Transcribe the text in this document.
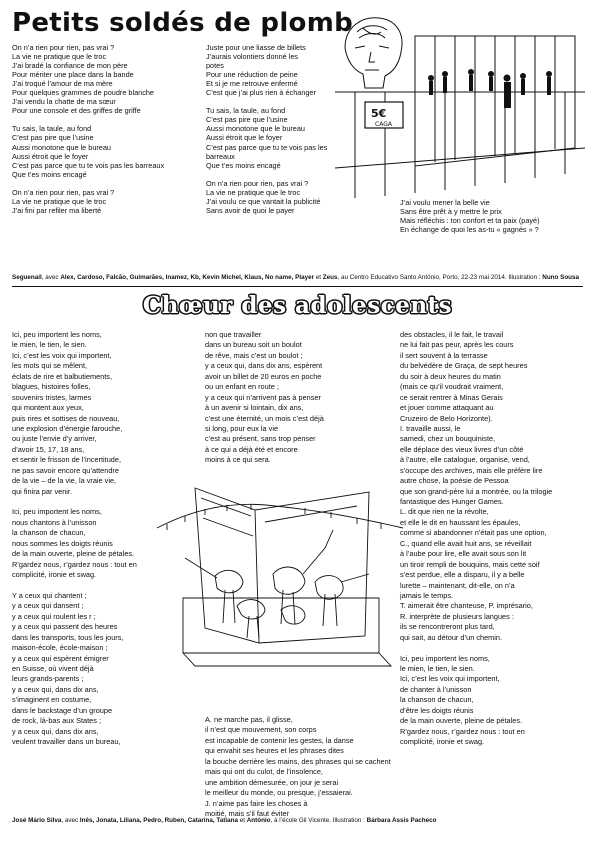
Petits soldés de plomb
On n’a rien pour rien, pas vrai ?
La vie ne pratique que le troc
J’ai bradé la confiance de mon père
Pour mériter une place dans la bande
J’ai troqué l’amour de ma mère
Pour quelques grammes de poudre blanche
J’ai vendu la chatte de ma sœur
Pour une console et des griffes de griffe
Tu sais, la taule, au fond
C’est pas pire que l’usine
Aussi monotone que le bureau
Aussi étroit que le foyer
C’est pas parce que tu te vois pas les barreaux
Que t’es moins encagé
On n’a rien pour rien, pas vrai ?
La vie ne pratique que le troc
J’ai fini par refiler ma liberté
Juste pour une liasse de billets
J’aurais volontiers donné les
potes
Pour une réduction de peine
Et si je me retrouve enfermé
C’est que j’ai plus rien à échanger
Tu sais, la taule, au fond
C’est pas pire que l’usine
Aussi monotone que le bureau
Aussi étroit que le foyer
C’est pas parce que tu te vois pas les
barreaux
Que t’es moins encagé
On n’a rien pour rien, pas vrai ?
La vie ne pratique que le troc
J’ai voulu ce que vantait la publicité
Sans avoir de quoi le payer
J’ai voulu mener la belle vie
Sans être prêt à y mettre le prix
Mais réfléchis : ton confort et ta paix (payé)
En échange de quoi les as-tu « gagnés » ?
5€
CAGA
Seguenail, avec Alex, Cardoso, Falcão, Guimarães, Inamez, Kb, Kevin Michel, Klaus, No name, Player et Zeus, au Centro Educativo Santo António, Porto, 22-23 mai 2014. Illustration : Nuno Sousa
Chœur des adolescents
Ici, peu importent les noms,
le mien, le tien, le sien.
Ici, c’est les voix qui importent,
les mots qui se mêlent,
éclats de rire et balbutiements,
blagues, histoires folles,
souvenirs tristes, larmes
qui montent aux yeux,
puis rires et sottises de nouveau,
une explosion d’énergie farouche,
ou juste l’envie d’y arriver,
d’avoir 15, 17, 18 ans,
et sentir le frisson de l’incertitude,
ne pas savoir encore qu’attendre
de la vie – de la vie, la vraie vie,
qui finira par venir.
Ici, peu importent les noms,
nous chantons à l’unisson
la chanson de chacun,
nous sommes les doigts réunis
de la main ouverte, pleine de pétales.
R’gardez nous, r’gardez nous : tout en
complicité, ironie et swag.
Y a ceux qui chantent ;
y a ceux qui dansent ;
y a ceux qui roulent les r ;
y a ceux qui passent des heures
dans les transports, tous les jours,
maison-école, école-maison ;
y a ceux qui espèrent émigrer
en Suisse, où vivent déjà
leurs grands-parents ;
y a ceux qui, dans dix ans,
s’imaginent en costume,
dans le backstage d’un groupe
de rock, là-bas aux States ;
y a ceux qui, dans dix ans,
veulent travailler dans un bureau,
non que travailler
dans un bureau soit un boulot
de rêve, mais c’est un boulot ;
y a ceux qui, dans dix ans, espèrent
avoir un billet de 20 euros en poche
ou un enfant en route ;
y a ceux qui n’arrivent pas à penser
à un avenir si lointain, dix ans,
c’est une éternité, un mois c’est déjà
si long, pour eux la vie
c’est au présent, sans trop penser
à ce qui a déjà été et encore
moins à ce qui sera.
A. ne marche pas, il glisse,
il n’est que mouvement, son corps
est incapable de contenir les gestes, la danse
qui envahit ses heures et les phrases dites
la bouche derrière les mains, des phrases qui se cachent
mais qui ont du culot, de l’insolence,
une ambition démesurée, on jour je serai
le meilleur du monde, ou presque, j’essaierai.
J. n’aime pas faire les choses à
moitié, mais s’il faut éviter
des obstacles, il le fait, le travail
ne lui fait pas peur, après les cours
il sert souvent à la terrasse
du belvédère de Graça, de sept heures
du soir à deux heures du matin
(mais ce qu’il voudrait vraiment,
ce serait rentrer à Minas Gerais
et jouer comme attaquant au
Cruzeiro de Belo Horizonte).
I. travaille aussi, le
samedi, chez un bouquiniste,
elle déplace des vieux livres d’un côté
à l’autre, elle catalogue, organise, vend,
s’occupe des archives, mais elle préfère lire
autre chose, la poésie de Pessoa
que son grand-père lui a montrée, ou la trilogie
fantastique des Hunger Games.
L. dit que rien ne la révolte,
et elle le dit en haussant les épaules,
comme si abandonner n’était pas une option,
C., quand elle avait huit ans, se réveillait
à l’aube pour lire, elle avait sous son lit
un tiroir rempli de bouquins, mais cette soif
s’est perdue, elle a disparu, il y a belle
lurette – maintenant, dit-elle, on n’a
jamais le temps.
T. aimerait être chanteuse, P. imprésario,
R. interprète de plusieurs langues :
ils se rencontreront plus tard,
qui sait, au détour d’un chemin.
Ici, peu importent les noms,
le mien, le tien, le sien.
Ici, c’est les voix qui importent,
de chanter à l’unisson
la chanson de chacun,
d’être les doigts réunis
de la main ouverte, pleine de pétales.
R’gardez nous, r’gardez nous : tout en
complicité, ironie et swag.
José Mário Silva, avec Inês, Jonata, Liliana, Pedro, Ruben, Catarina, Tatiana et António, à l’école Gil Vicente. Illustration : Bárbara Assis Pacheco
